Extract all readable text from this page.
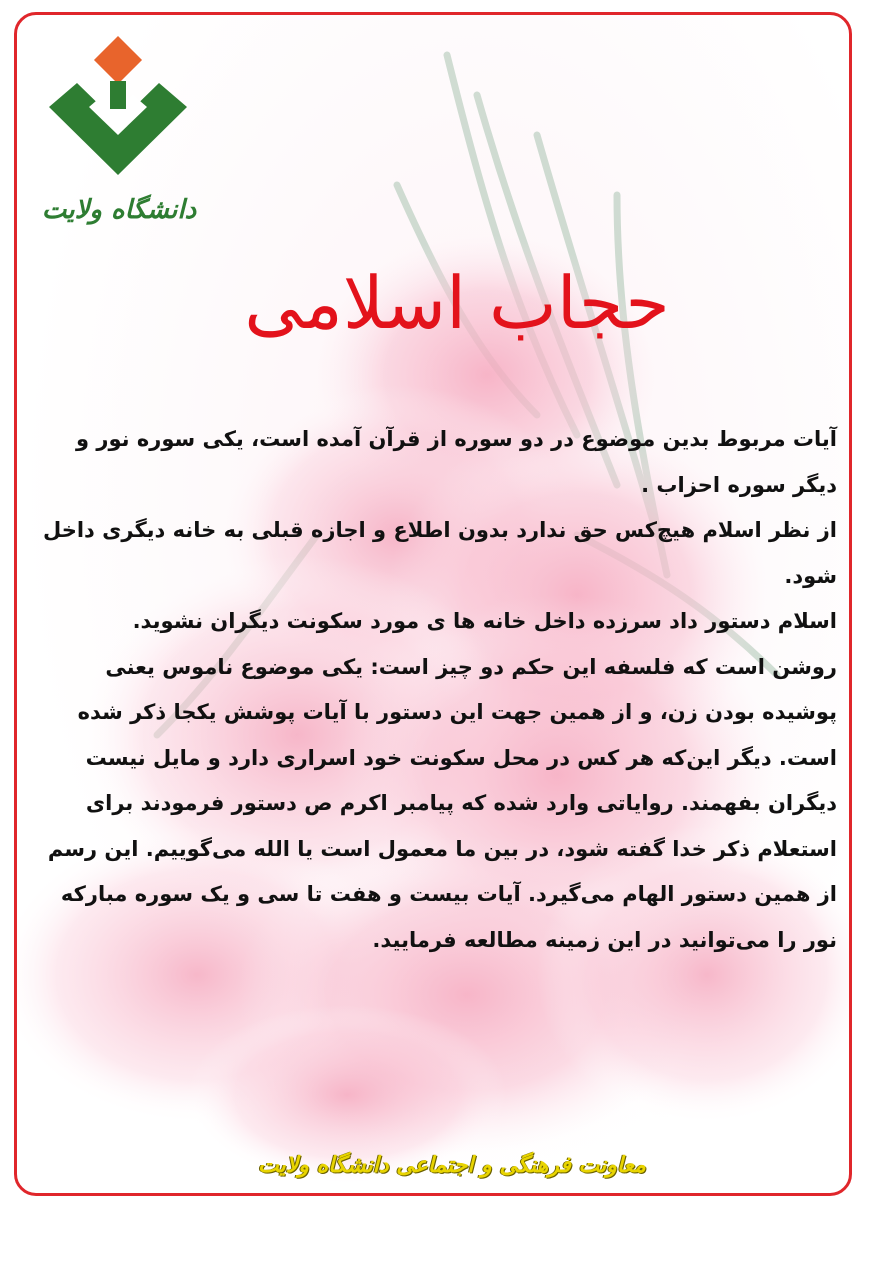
دانشگاه ولایت
حجاب اسلامی

آیات مربوط بدین موضوع در دو سوره از قرآن آمده است، یکی سوره نور و دیگر سوره احزاب .

از نظر اسلام هیچ‌کس حق ندارد بدون اطلاع و اجازه قبلی به خانه دیگری داخل شود.

اسلام دستور داد سرزده داخل خانه ها ی مورد سکونت دیگران نشوید.

روشن است که فلسفه این حکم دو چیز است: یکی موضوع ناموس یعنی پوشیده بودن زن، و از همین جهت این دستور با آیات پوشش یکجا ذکر شده است. دیگر این‌که هر کس در محل سکونت خود اسراری دارد و مایل نیست دیگران بفهمند. روایاتی وارد شده که پیامبر اکرم ص دستور فرمودند برای استعلام ذکر خدا گفته شود، در بین ما معمول است یا الله می‌گوییم. این رسم از همین دستور الهام می‌گیرد. آیات بیست و هفت تا سی و یک سوره مبارکه نور را می‌توانید در این زمینه مطالعه فرمایید.

معاونت فرهنگی و اجتماعی دانشگاه ولایت
